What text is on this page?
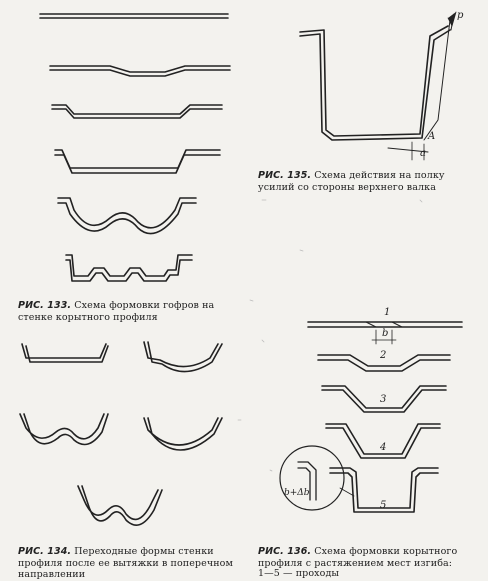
p
A
a
b
1
2
3
4
5
b+Δb
РИС. 133. Схема формовки гофров на стенке корытного профиля
РИС. 135. Схема действия на полку усилий со стороны верхнего валка
РИС. 134. Переходные формы стенки профиля после ее вытяжки в поперечном направлении
РИС. 136. Схема формовки корытного профиля с растяжением мест изгиба:
1—5 — проходы
